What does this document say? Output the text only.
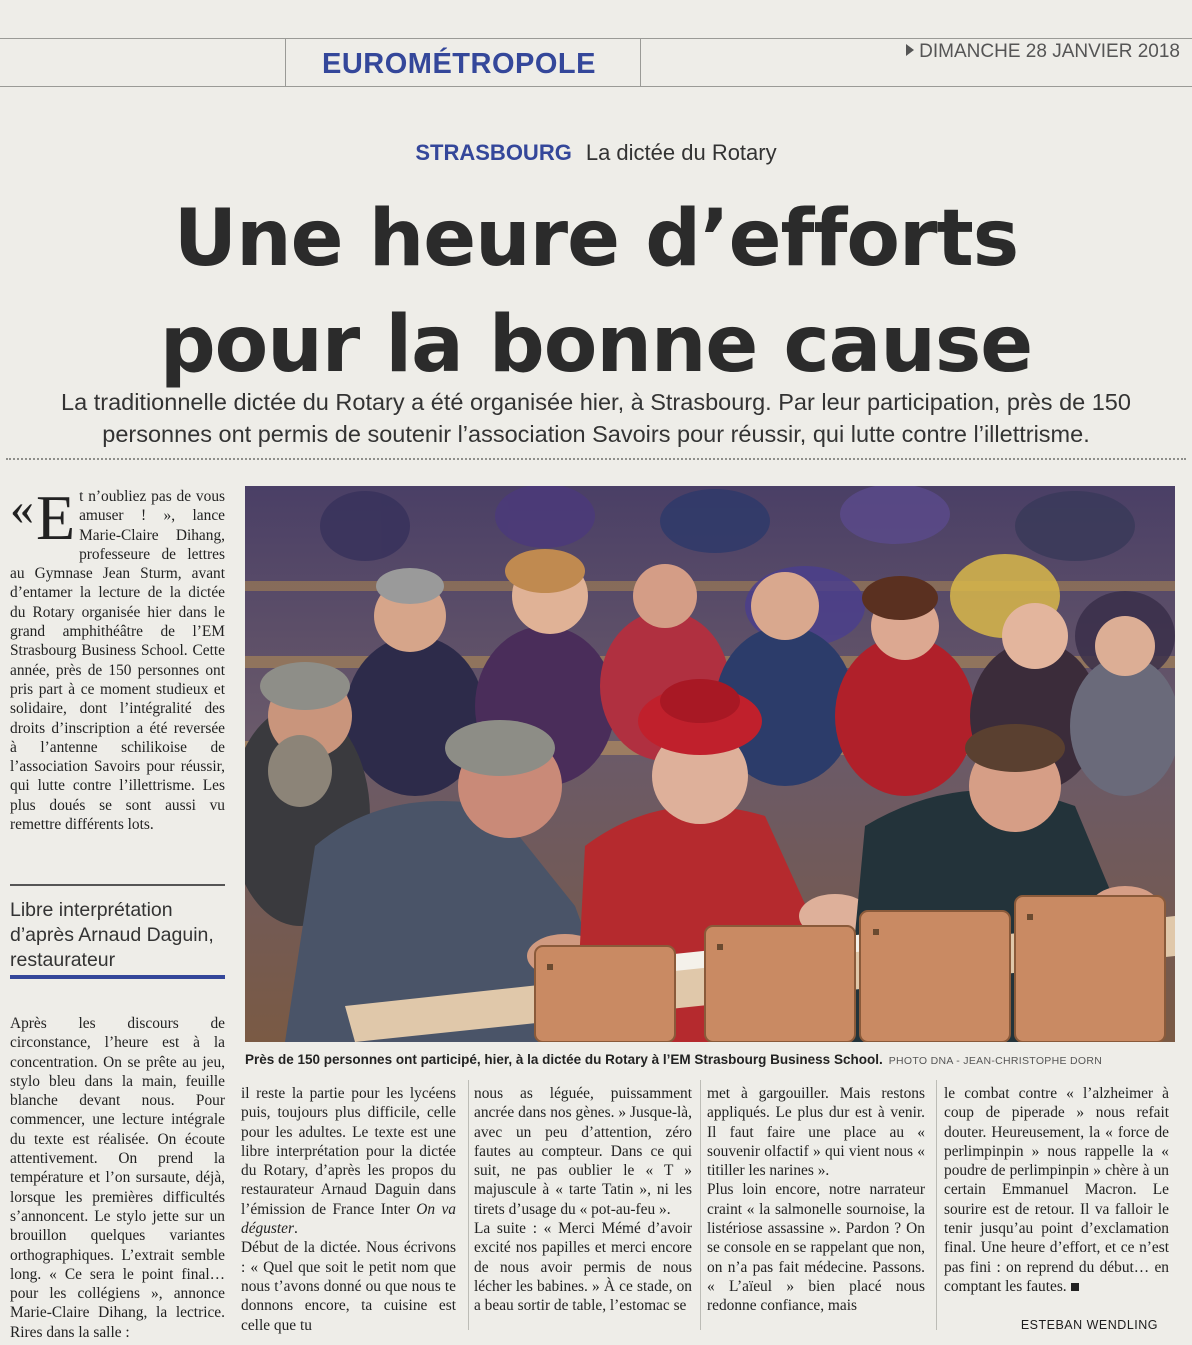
EUROMÉTROPOLE	DIMANCHE 28 JANVIER 2018
STRASBOURG La dictée du Rotary
Une heure d’efforts
pour la bonne cause
La traditionnelle dictée du Rotary a été organisée hier, à Strasbourg. Par leur participation, près de 150
personnes ont permis de soutenir l’association Savoirs pour réussir, qui lutte contre l’illettrisme.
« E t n’oubliez pas de vous amuser ! », lance Marie-Claire Dihang, professeure de lettres au Gymnase Jean Sturm, avant d’entamer la lecture de la dictée du Rotary organisée hier dans le grand amphithéâtre de l’EM Strasbourg Business School. Cette année, près de 150 personnes ont pris part à ce moment studieux et solidaire, dont l’intégralité des droits d’inscription a été reversée à l’antenne schilikoise de l’association Savoirs pour réussir, qui lutte contre l’illettrisme. Les plus doués se sont aussi vu remettre différents lots.
Libre interprétation d’après Arnaud Daguin, restaurateur

Après les discours de circonstance, l’heure est à la concentration. On se prête au jeu, stylo bleu dans la main, feuille blanche devant nous. Pour commencer, une lecture intégrale du texte est réalisée. On écoute attentivement. On prend la température et l’on sursaute, déjà, lorsque les premières difficultés s’annoncent. Le stylo jette sur un brouillon quelques variantes orthographiques. L’extrait semble long. « Ce sera le point final… pour les collégiens », annonce Marie-Claire Dihang, la lectrice. Rires dans la salle :

il reste la partie pour les lycéens puis, toujours plus difficile, celle pour les adultes. Le texte est une libre interprétation pour la dictée du Rotary, d’après les propos du restaurateur Arnaud Daguin dans l’émission de France Inter On va déguster.

Début de la dictée. Nous écrivons : « Quel que soit le petit nom que nous t’avons donné ou que nous te donnons encore, ta cuisine est celle que tu

nous as léguée, puissamment ancrée dans nos gènes. » Jusque-là, avec un peu d’attention, zéro fautes au compteur. Dans ce qui suit, ne pas oublier le « T » majuscule à « tarte Tatin », ni les tirets d’usage du « pot-au-feu ».

La suite : « Merci Mémé d’avoir excité nos papilles et merci encore de nous avoir permis de nous lécher les babines. » À ce stade, on a beau sortir de table, l’estomac se

met à gargouiller. Mais restons appliqués. Le plus dur est à venir. Il faut faire une place au « souvenir olfactif » qui vient nous « titiller les narines ».

Plus loin encore, notre narrateur craint « la salmonelle sournoise, la listériose assassine ». Pardon ? On se console en se rappelant que non, on n’a pas fait médecine. Passons. « L’aïeul » bien placé nous redonne confiance, mais

le combat contre « l’alzheimer à coup de piperade » nous refait douter. Heureusement, la « force de perlimpinpin » nous rappelle la « poudre de perlimpinpin » chère à un certain Emmanuel Macron. Le sourire est de retour. Il va falloir le tenir jusqu’au point d’exclamation final. Une heure d’effort, et ce n’est pas fini : on reprend du début… en comptant les fautes.

ESTEBAN WENDLING
Près de 150 personnes ont participé, hier, à la dictée du Rotary à l’EM Strasbourg Business School. PHOTO DNA - JEAN-CHRISTOPHE DORN
